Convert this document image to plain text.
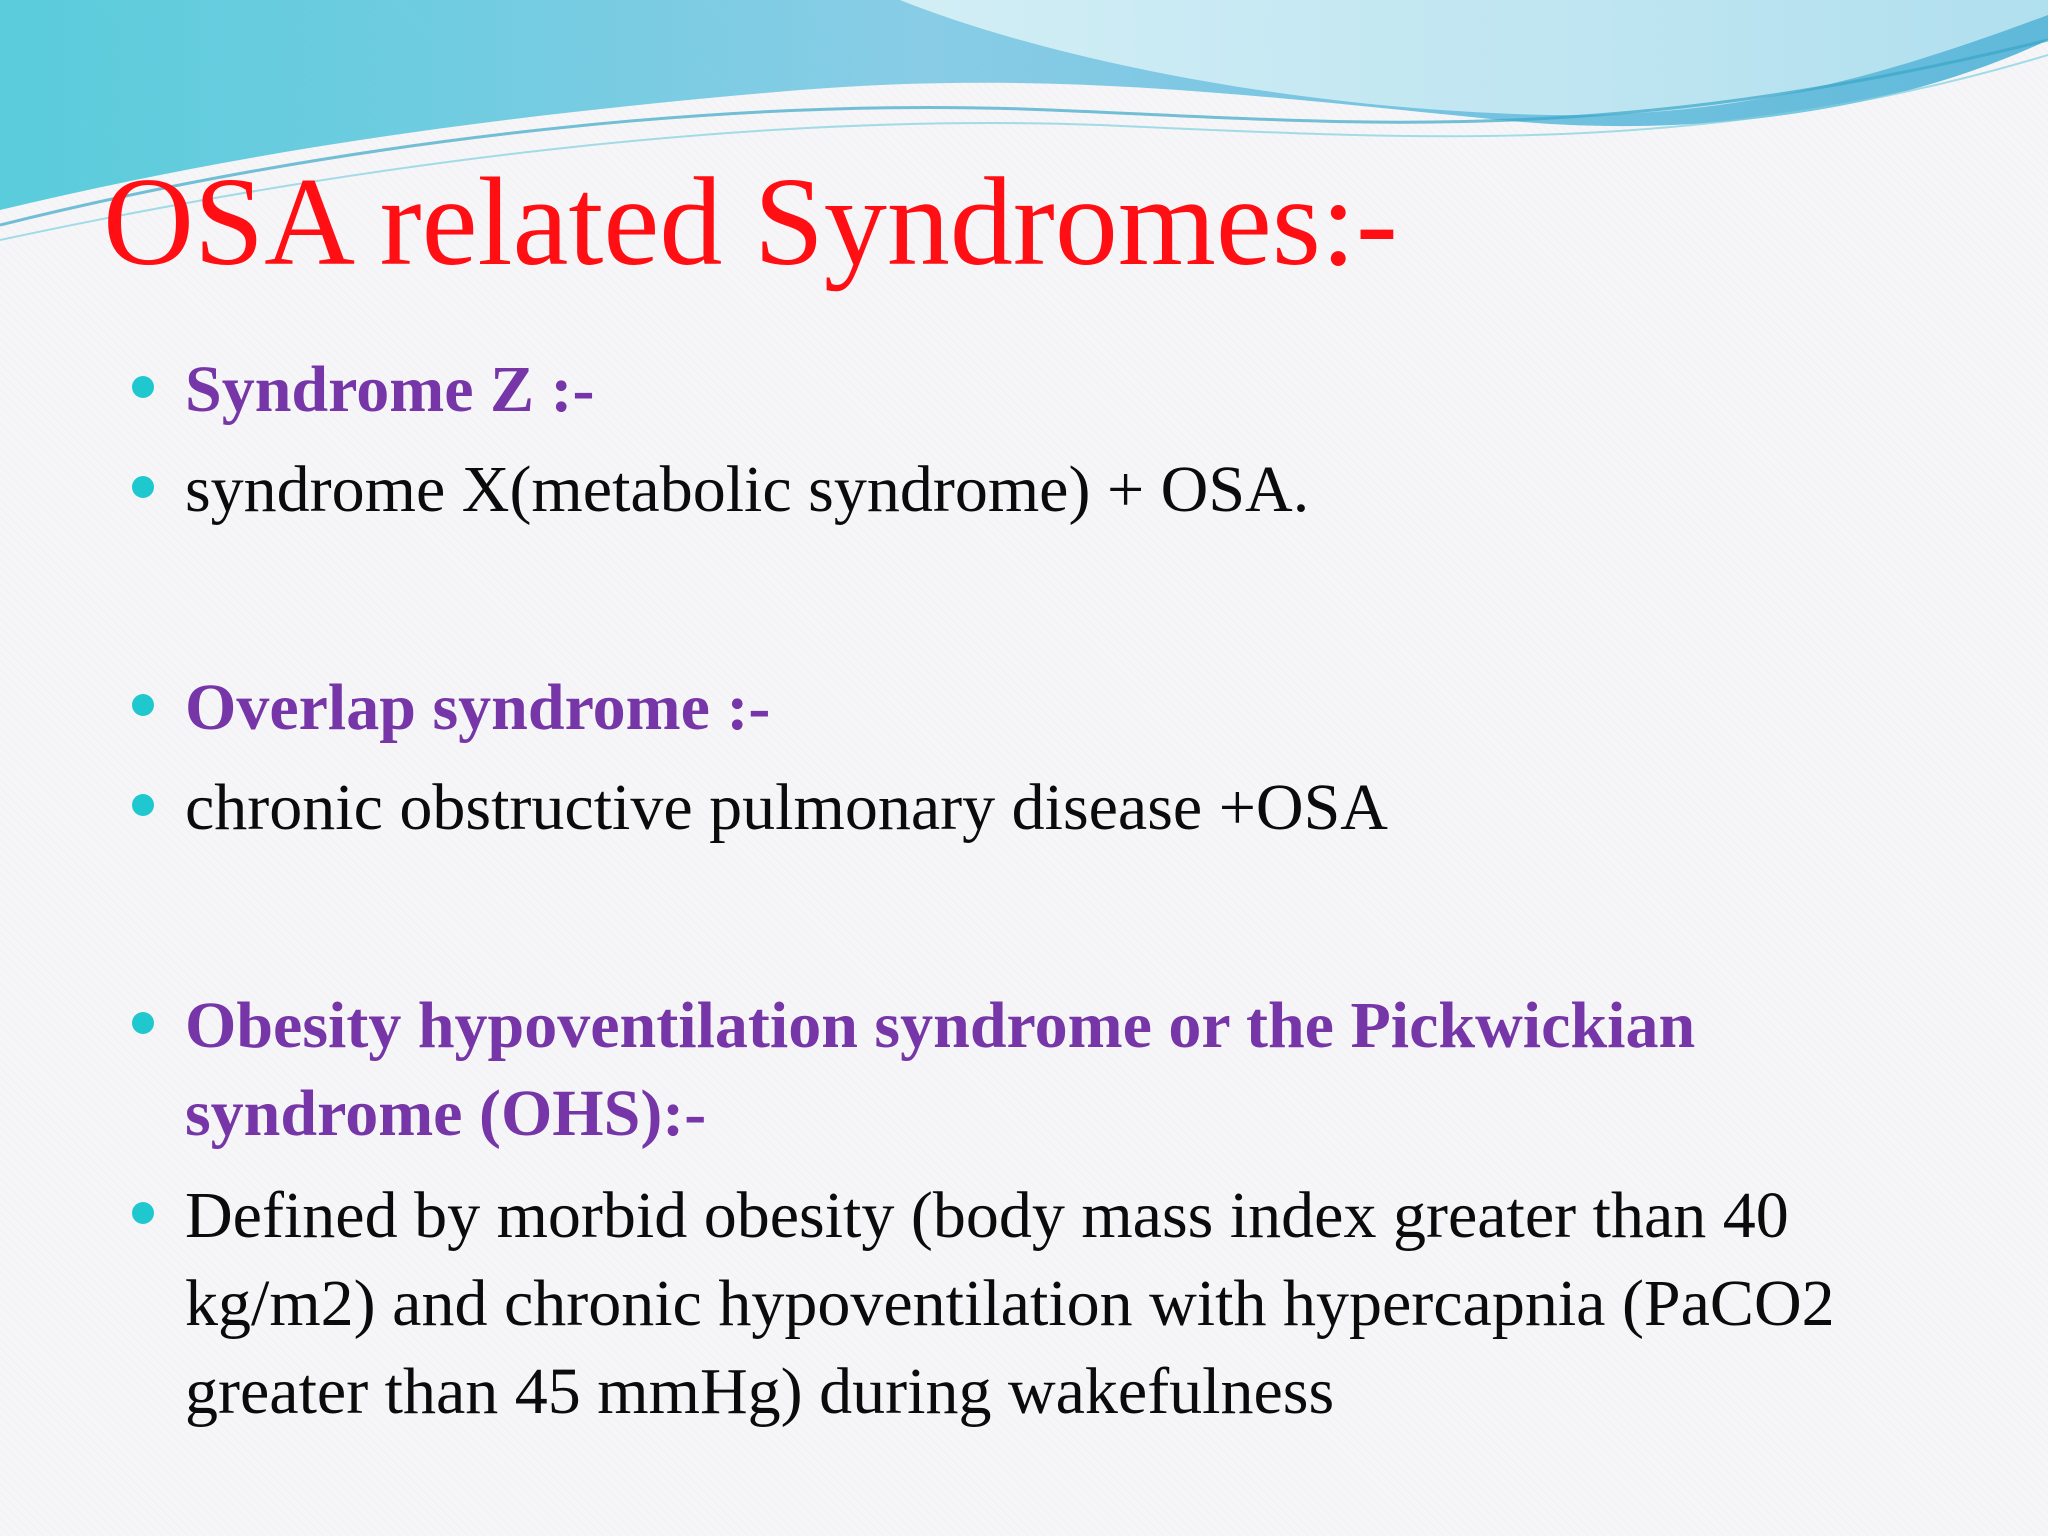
OSA related Syndromes:-
Syndrome Z :-
syndrome X(metabolic syndrome) + OSA.
Overlap syndrome :-
chronic obstructive pulmonary disease +OSA
Obesity hypoventilation syndrome or the Pickwickian syndrome (OHS):-
Defined by morbid obesity (body mass index greater than 40 kg/m2) and chronic hypoventilation with hypercapnia (PaCO2 greater than 45 mmHg) during wakefulness
